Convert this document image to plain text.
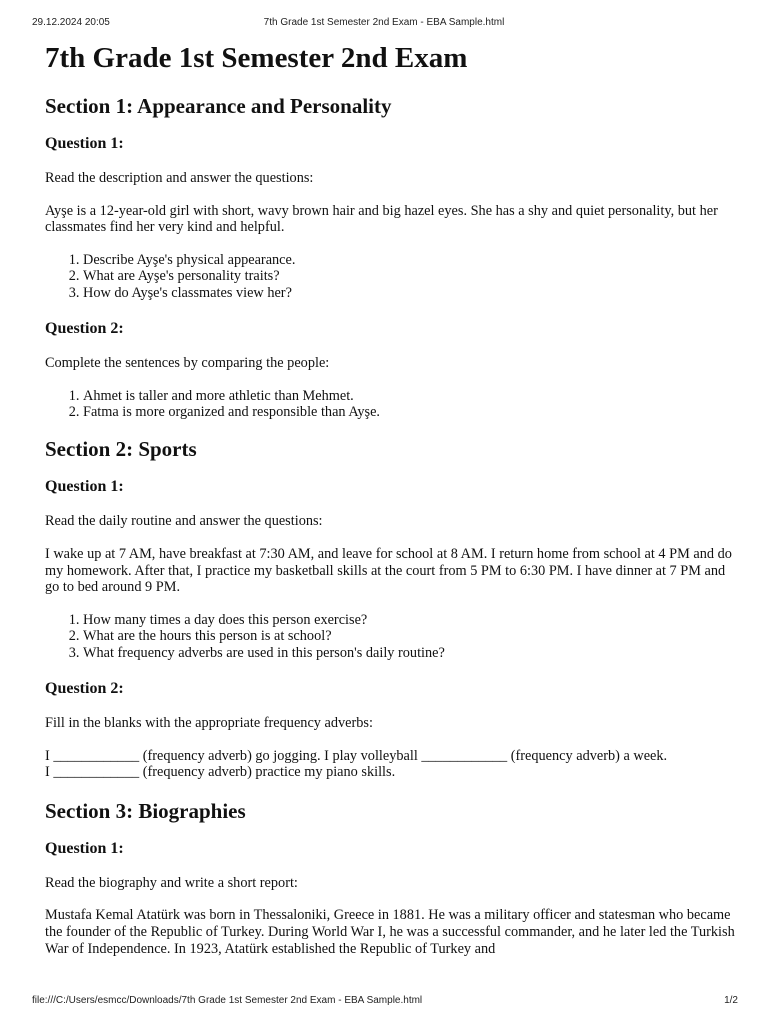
29.12.2024 20:05	7th Grade 1st Semester 2nd Exam - EBA Sample.html
7th Grade 1st Semester 2nd Exam
Section 1: Appearance and Personality
Question 1:

Read the description and answer the questions:

Ayşe is a 12-year-old girl with short, wavy brown hair and big hazel eyes. She has a shy and quiet personality, but her classmates find her very kind and helpful.

1. Describe Ayşe's physical appearance.
2. What are Ayşe's personality traits?
3. How do Ayşe's classmates view her?
Question 2:

Complete the sentences by comparing the people:

1. Ahmet is taller and more athletic than Mehmet.
2. Fatma is more organized and responsible than Ayşe.
Section 2: Sports
Question 1:

Read the daily routine and answer the questions:

I wake up at 7 AM, have breakfast at 7:30 AM, and leave for school at 8 AM. I return home from school at 4 PM and do my homework. After that, I practice my basketball skills at the court from 5 PM to 6:30 PM. I have dinner at 7 PM and go to bed around 9 PM.

1. How many times a day does this person exercise?
2. What are the hours this person is at school?
3. What frequency adverbs are used in this person's daily routine?
Question 2:

Fill in the blanks with the appropriate frequency adverbs:

I ____________ (frequency adverb) go jogging. I play volleyball ____________ (frequency adverb) a week.

I ____________ (frequency adverb) practice my piano skills.

Section 3: Biographies
Question 1:

Read the biography and write a short report:

Mustafa Kemal Atatürk was born in Thessaloniki, Greece in 1881. He was a military officer and statesman who became the founder of the Republic of Turkey. During World War I, he was a successful commander, and he later led the Turkish War of Independence. In 1923, Atatürk established the Republic of Turkey and

file:///C:/Users/esmcc/Downloads/7th Grade 1st Semester 2nd Exam - EBA Sample.html	1/2
